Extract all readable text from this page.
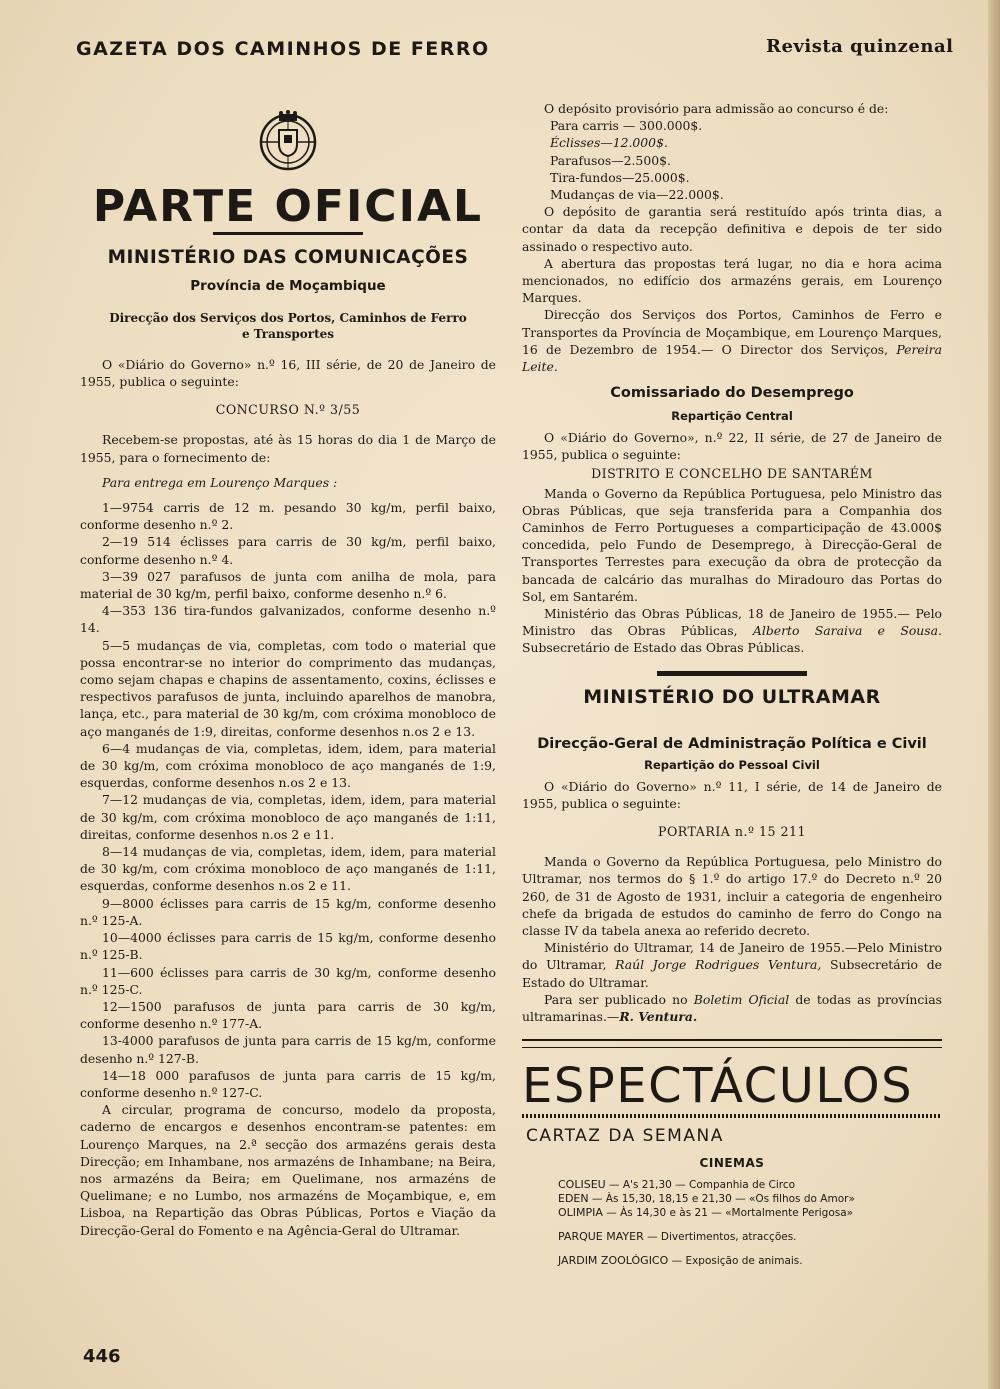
GAZETA DOS CAMINHOS DE FERRO	Revista quinzenal
PARTE OFICIAL
MINISTÉRIO DAS COMUNICAÇÕES
Província de Moçambique
Direcção dos Serviços dos Portos, Caminhos de Ferro
e Transportes

O «Diário do Governo» n.º 16, III série, de 20 de Janeiro de 1955, publica o seguinte:

CONCURSO N.º 3/55

Recebem-se propostas, até às 15 horas do dia 1 de Março de 1955, para o fornecimento de:

Para entrega em Lourenço Marques :

1—9754 carris de 12 m. pesando 30 kg/m, perfil baixo, conforme desenho n.º 2.

2—19 514 éclisses para carris de 30 kg/m, perfil baixo, conforme desenho n.º 4.

3—39 027 parafusos de junta com anilha de mola, para material de 30 kg/m, perfil baixo, conforme desenho n.º 6.

4—353 136 tira-fundos galvanizados, conforme desenho n.º 14.

5—5 mudanças de via, completas, com todo o material que possa encontrar-se no interior do comprimento das mudanças, como sejam chapas e chapins de assentamento, coxins, éclisses e respectivos parafusos de junta, incluindo aparelhos de manobra, lança, etc., para material de 30 kg/m, com cróxima monobloco de aço manganés de 1:9, direitas, conforme desenhos n.os 2 e 13.

6—4 mudanças de via, completas, idem, idem, para material de 30 kg/m, com cróxima monobloco de aço manganés de 1:9, esquerdas, conforme desenhos n.os 2 e 13.

7—12 mudanças de via, completas, idem, idem, para material de 30 kg/m, com cróxima monobloco de aço manganés de 1:11, direitas, conforme desenhos n.os 2 e 11.

8—14 mudanças de via, completas, idem, idem, para material de 30 kg/m, com cróxima monobloco de aço manganés de 1:11, esquerdas, conforme desenhos n.os 2 e 11.

9—8000 éclisses para carris de 15 kg/m, conforme desenho n.º 125-A.

10—4000 éclisses para carris de 15 kg/m, conforme desenho n.º 125-B.

11—600 éclisses para carris de 30 kg/m, conforme desenho n.º 125-C.

12—1500 parafusos de junta para carris de 30 kg/m, conforme desenho n.º 177-A.

13-4000 parafusos de junta para carris de 15 kg/m, conforme desenho n.º 127-B.

14—18 000 parafusos de junta para carris de 15 kg/m, conforme desenho n.º 127-C.

A circular, programa de concurso, modelo da proposta, caderno de encargos e desenhos encontram-se patentes: em Lourenço Marques, na 2.ª secção dos armazéns gerais desta Direcção; em Inhambane, nos armazéns de Inhambane; na Beira, nos armazéns da Beira; em Quelimane, nos armazéns de Quelimane; e no Lumbo, nos armazéns de Moçambique, e, em Lisboa, na Repartição das Obras Públicas, Portos e Viação da Direcção-Geral do Fomento e na Agência-Geral do Ultramar.

O depósito provisório para admissão ao concurso é de:

Para carris — 300.000$.
Éclisses—12.000$.
Parafusos—2.500$.
Tira-fundos—25.000$.
Mudanças de via—22.000$.

O depósito de garantia será restituído após trinta dias, a contar da data da recepção definitiva e depois de ter sido assinado o respectivo auto.

A abertura das propostas terá lugar, no dia e hora acima mencionados, no edifício dos armazéns gerais, em Lourenço Marques.

Direcção dos Serviços dos Portos, Caminhos de Ferro e Transportes da Província de Moçambique, em Lourenço Marques, 16 de Dezembro de 1954.— O Director dos Serviços, Pereira Leite.

Comissariado do Desemprego
Repartição Central

O «Diário do Governo», n.º 22, II série, de 27 de Janeiro de 1955, publica o seguinte:

DISTRITO E CONCELHO DE SANTARÉM

Manda o Governo da República Portuguesa, pelo Ministro das Obras Públicas, que seja transferida para a Companhia dos Caminhos de Ferro Portugueses a comparticipação de 43.000$ concedida, pelo Fundo de Desemprego, à Direcção-Geral de Transportes Terrestes para execução da obra de protecção da bancada de calcário das muralhas do Miradouro das Portas do Sol, em Santarém.

Ministério das Obras Públicas, 18 de Janeiro de 1955.— Pelo Ministro das Obras Públicas, Alberto Saraiva e Sousa. Subsecretário de Estado das Obras Públicas.

MINISTÉRIO DO ULTRAMAR
Direcção-Geral de Administração Política e Civil
Repartição do Pessoal Civil

O «Diário do Governo» n.º 11, I série, de 14 de Janeiro de 1955, publica o seguinte:

PORTARIA n.º 15 211

Manda o Governo da República Portuguesa, pelo Ministro do Ultramar, nos termos do § 1.º do artigo 17.º do Decreto n.º 20 260, de 31 de Agosto de 1931, incluir a categoria de engenheiro chefe da brigada de estudos do caminho de ferro do Congo na classe IV da tabela anexa ao referido decreto.

Ministério do Ultramar, 14 de Janeiro de 1955.—Pelo Ministro do Ultramar, Raúl Jorge Rodrigues Ventura, Subsecretário de Estado do Ultramar.

Para ser publicado no Boletim Oficial de todas as províncias ultramarinas.—R. Ventura.

ESPECTÁCULOS
CARTAZ DA SEMANA
CINEMAS
COLISEU — A's 21,30 — Companhia de Circo
EDEN — Às 15,30, 18,15 e 21,30 — «Os filhos do Amor»
OLIMPIA — Às 14,30 e às 21 — «Mortalmente Perigosa»
PARQUE MAYER — Divertimentos, atracções.
JARDIM ZOOLÓGICO — Exposição de animais.
446
